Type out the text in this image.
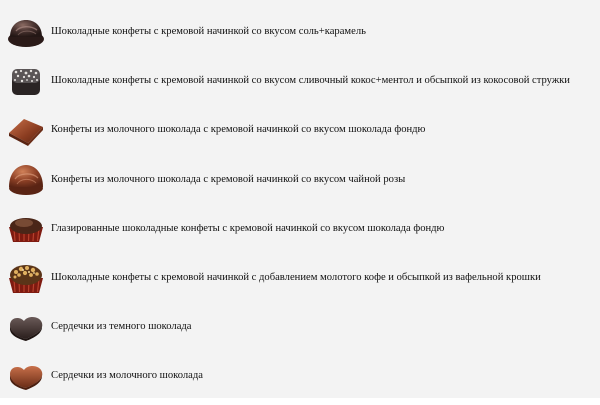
Шоколадные конфеты с кремовой начинкой со вкусом соль+карамель
Шоколадные конфеты с кремовой начинкой со вкусом сливочный кокос+ментол и обсыпкой из кокосовой стружки
Конфеты из молочного шоколада с кремовой начинкой со вкусом шоколада фондю
Конфеты из молочного шоколада с кремовой начинкой со вкусом чайной розы
Глазированные шоколадные конфеты с кремовой начинкой со вкусом шоколада фондю
Шоколадные конфеты с кремовой начинкой с добавлением молотого кофе и обсыпкой из вафельной крошки
Сердечки из темного шоколада
Сердечки из молочного шоколада
